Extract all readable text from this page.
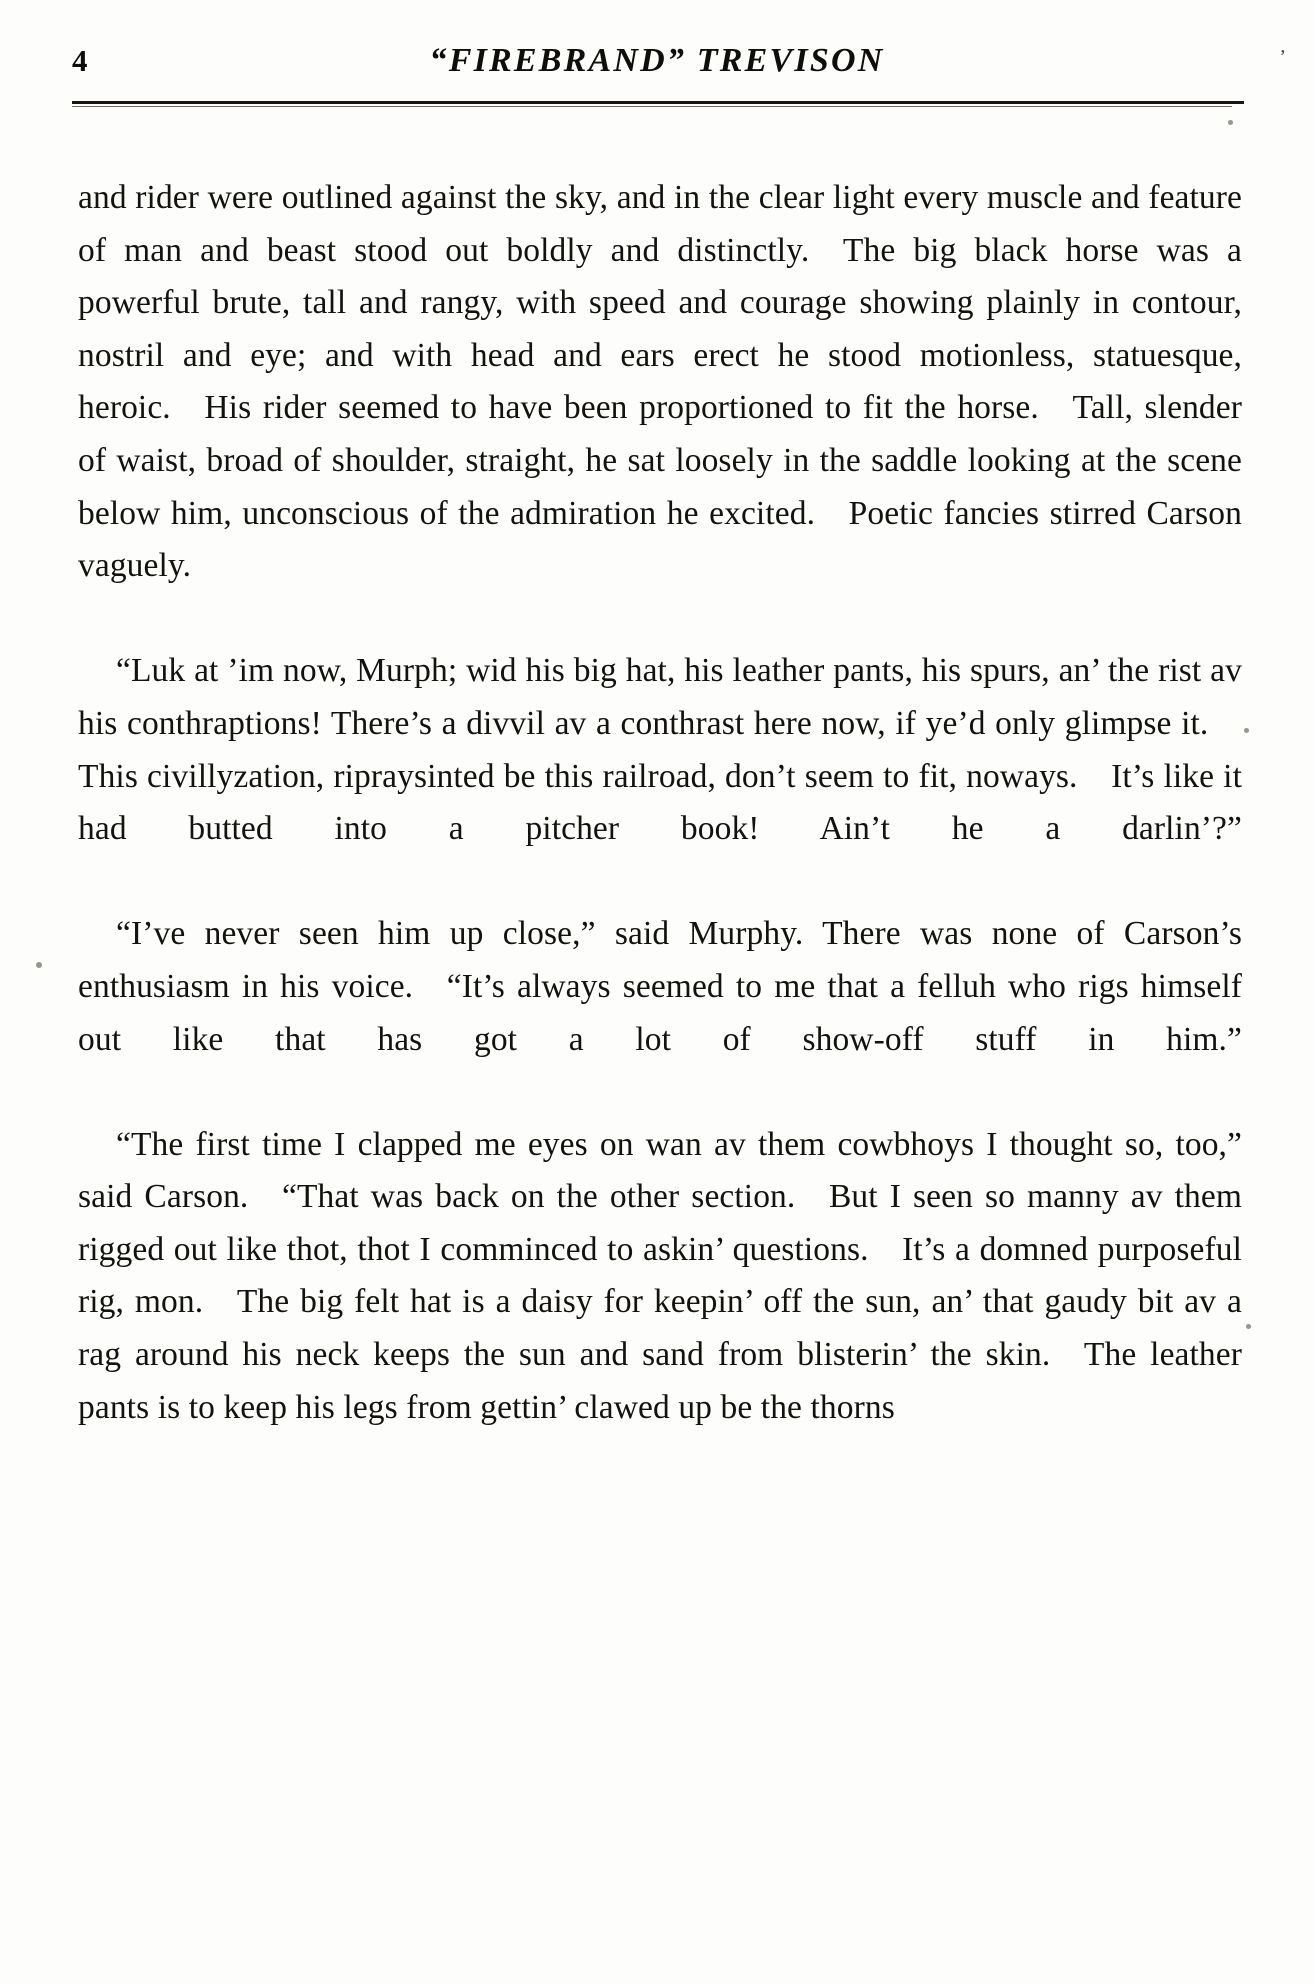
4	“FIREBRAND” TREVISON	’

and rider were outlined against the sky, and in the clear light every muscle and feature of man and beast stood out boldly and distinctly. The big black horse was a powerful brute, tall and rangy, with speed and courage showing plainly in contour, nostril and eye; and with head and ears erect he stood motionless, statuesque, heroic. His rider seemed to have been proportioned to fit the horse. Tall, slender of waist, broad of shoulder, straight, he sat loosely in the saddle looking at the scene below him, unconscious of the admiration he excited. Poetic fancies stirred Carson vaguely.

“Luk at ’im now, Murph; wid his big hat, his leather pants, his spurs, an’ the rist av his conthraptions! There’s a divvil av a conthrast here now, if ye’d only glimpse it. This civillyzation, ripraysinted be this railroad, don’t seem to fit, noways. It’s like it had butted into a pitcher book! Ain’t he a darlin’?”

“I’ve never seen him up close,” said Murphy. There was none of Carson’s enthusiasm in his voice. “It’s always seemed to me that a felluh who rigs himself out like that has got a lot of show-off stuff in him.”

“The first time I clapped me eyes on wan av them cowbhoys I thought so, too,” said Carson. “That was back on the other section. But I seen so manny av them rigged out like thot, thot I comminced to askin’ questions. It’s a domned purposeful rig, mon. The big felt hat is a daisy for keepin’ off the sun, an’ that gaudy bit av a rag around his neck keeps the sun and sand from blisterin’ the skin. The leather pants is to keep his legs from gettin’ clawed up be the thorns
